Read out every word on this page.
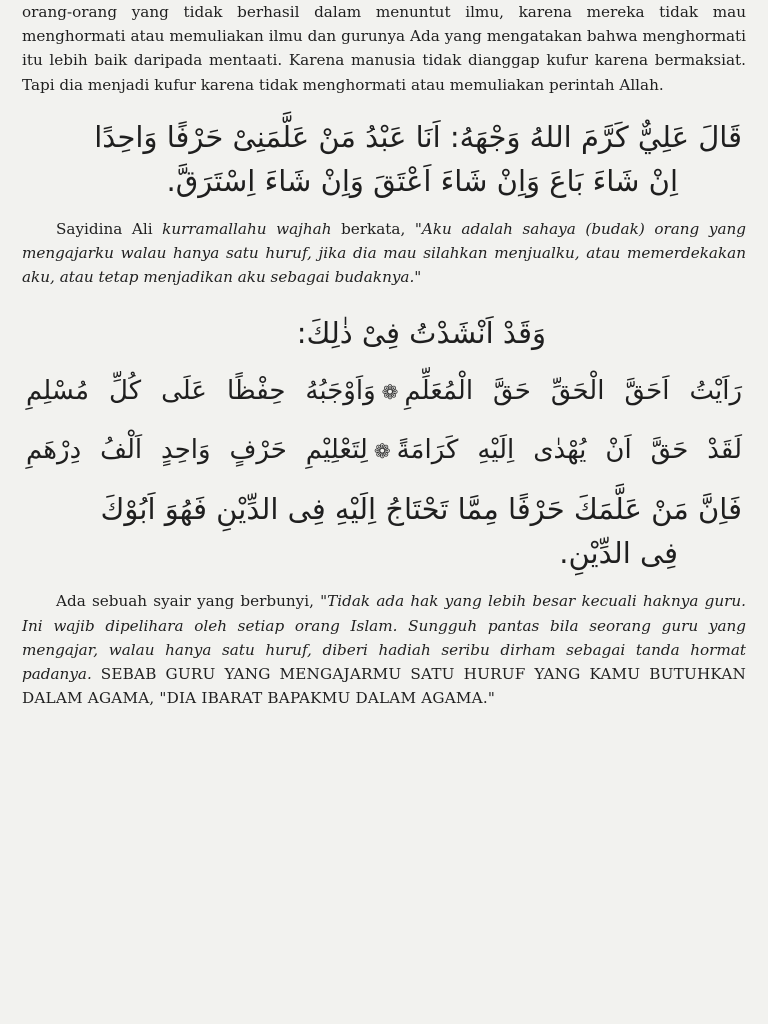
orang-orang yang tidak berhasil dalam menuntut ilmu, karena mereka tidak mau menghormati atau memuliakan ilmu dan gurunya Ada yang mengatakan bahwa menghormati itu lebih baik daripada mentaati. Karena manusia tidak dianggap kufur karena bermaksiat. Tapi dia menjadi kufur karena tidak menghormati atau memuliakan perintah Allah.

قَالَ عَلِيٌّ كَرَّمَ اللهُ وَجْهَهُ: اَنَا عَبْدُ مَنْ عَلَّمَنِىْ حَرْفًا وَاحِدًا

اِنْ شَاءَ بَاعَ وَاِنْ شَاءَ اَعْتَقَ وَاِنْ شَاءَ اِسْتَرَقَّ.

Sayidina Ali kurramallahu wajhah berkata, "Aku adalah sahaya (budak) orang yang mengajarku walau hanya satu huruf, jika dia mau silahkan menjualku, atau memerdekakan aku, atau tetap menjadikan aku sebagai budaknya."

وَقَدْ اَنْشَدْتُ فِىْ ذٰلِكَ:

رَاَيْتُ اَحَقَّ الْحَقِّ حَقَّ الْمُعَلِّمِ❁وَاَوْجَبُهُ حِفْظًا عَلَى كُلِّ مُسْلِمِ

لَقَدْ حَقَّ اَنْ يُهْدٰى اِلَيْهِ كَرَامَةً❁لِتَعْلِيْمِ حَرْفٍ وَاحِدٍ اَلْفُ دِرْهَمِ

فَاِنَّ مَنْ عَلَّمَكَ حَرْفًا مِمَّا تَحْتَاجُ اِلَيْهِ فِى الدِّيْنِ فَهُوَ اَبُوْكَ

فِى الدِّيْنِ.

Ada sebuah syair yang berbunyi, "Tidak ada hak yang lebih besar kecuali haknya guru. Ini wajib dipelihara oleh setiap orang Islam. Sungguh pantas bila seorang guru yang mengajar, walau hanya satu huruf, diberi hadiah seribu dirham sebagai tanda hormat padanya. SEBAB GURU YANG MENGAJARMU SATU HURUF YANG KAMU BUTUHKAN DALAM AGAMA, "DIA IBARAT BAPAKMU DALAM AGAMA."
